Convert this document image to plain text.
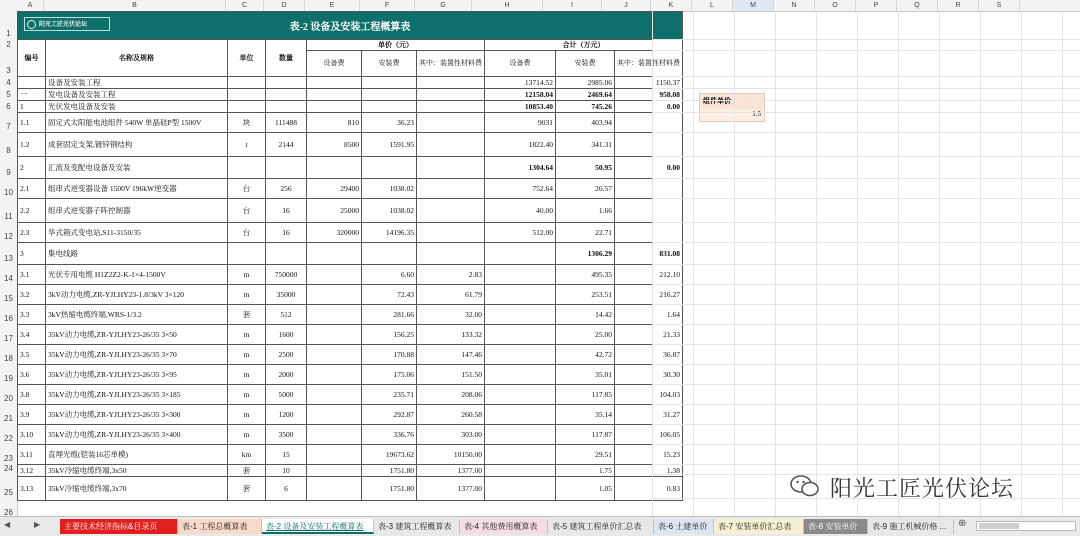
A	B	C	D	E	F	G	H	I	J	K	L	M	N	O	P	Q	R	S
1
2
3
4
5
6
7
8
9
10
11
12
13
14
15
16
17
18
19
20
21
22
23
24
25
26
阳光工匠光伏论坛 表-2 设备及安装工程概算表									
编号	名称及规格	单位	数量	单价（元）			合计（万元）		
				设备费	安装费	其中：装置性材料费	设备费	安装费	其中：装置性材料费
	设备及安装工程						13714.52	2985.06	1150.37
一	发电设备及安装工程						12158.04	2469.64	958.08
1	光伏发电设备及安装						10853.40	745.26	0.00
1.1	固定式太阳能电池组件 540W 单晶硅P型 1500V	块	111488	810	36.23		9031	403.94	
1.2	成套固定支架,镀锌钢结构	t	2144	8500	1591.95		1822.40	341.31	
2	汇流及变配电设备及安装						1304.64	50.95	0.00
2.1	组串式逆变器设备 1500V 196kW逆变器	台	256	29400	1038.02		752.64	26.57	
2.2	组串式逆变器子阵控制器	台	16	25000	1038.02		40.00	1.66	
2.3	华式箱式变电站,S11-3150/35	台	16	320000	14196.35		512.00	22.71	
3	集电线路							1306.29	831.08
3.1	光伏专用电缆 H1Z2Z2-K-1×4-1500V	m	750000		6.60	2.83		495.35	212.10
3.2	3kV动力电缆,ZR-YJLHY23-1.8/3kV 3×120	m	35000		72.43	61.79		253.51	216.27
3.3	3kV热缩电缆终端,WRS-1/3.2	套	512		281.66	32.00		14.42	1.64
3.4	35kV动力电缆,ZR-YJLHY23-26/35 3×50	m	1600		156.25	133.32		25.00	21.33
3.5	35kV动力电缆,ZR-YJLHY23-26/35 3×70	m	2500		170.88	147.46		42.72	36.87
3.6	35kV动力电缆,ZR-YJLHY23-26/35 3×95	m	2000		175.06	151.50		35.01	30.30
3.8	35kV动力电缆,ZR-YJLHY23-26/35 3×185	m	5000		235.71	208.06		117.85	104.03
3.9	35kV动力电缆,ZR-YJLHY23-26/35 3×300	m	1200		292.87	260.58		35.14	31.27
3.10	35kV动力电缆,ZR-YJLHY23-26/35 3×400	m	3500		336.76	303.00		117.87	106.05
3.11	直埋光缆(铠装16芯单模)	km	15		19673.62	10150.00		29.51	15.23
3.12	35kV冷缩电缆终端,3x50	套	10		1751.80	1377.00		1.75	1.38
3.13	35kV冷缩电缆终端,3x70	套	6		1751.80	1377.00		1.05	0.83
组件单价
1.5
阳光工匠光伏论坛
◀	▶	主要技术经济指标&目录页	表-1 工程总概算表	表-2 设备及安装工程概算表	表-3 建筑工程概算表	表-4 其他费用概算表	表-5 建筑工程单价汇总表	表-6 土建单价	表-7 安装单价汇总表	表-8 安装单价	表-9 施工机械价格 ...	⊕
